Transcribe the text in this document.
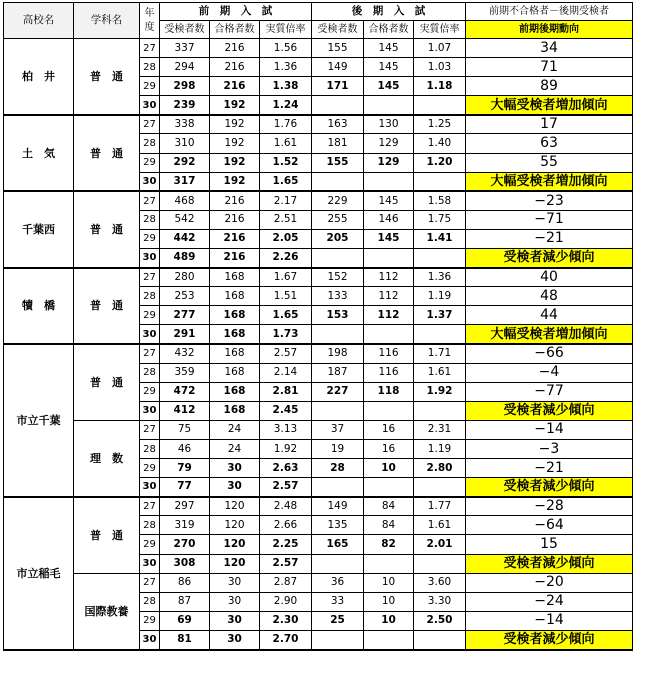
高校名	学科名	年度	前　期　入　試			後　期　入　試			前期不合格者－後期受検者
			受検者数	合格者数	実質倍率	受検者数	合格者数	実質倍率	前期後期動向
柏　井	普　通	27	337	216	1.56	155	145	1.07	34
		28	294	216	1.36	149	145	1.03	71
		29	298	216	1.38	171	145	1.18	89
		30	239	192	1.24				大幅受検者増加傾向
土　気	普　通	27	338	192	1.76	163	130	1.25	17
		28	310	192	1.61	181	129	1.40	63
		29	292	192	1.52	155	129	1.20	55
		30	317	192	1.65				大幅受検者増加傾向
千葉西	普　通	27	468	216	2.17	229	145	1.58	−23
		28	542	216	2.51	255	146	1.75	−71
		29	442	216	2.05	205	145	1.41	−21
		30	489	216	2.26				受検者減少傾向
犢　橋	普　通	27	280	168	1.67	152	112	1.36	40
		28	253	168	1.51	133	112	1.19	48
		29	277	168	1.65	153	112	1.37	44
		30	291	168	1.73				大幅受検者増加傾向
市立千葉	普　通	27	432	168	2.57	198	116	1.71	−66
		28	359	168	2.14	187	116	1.61	−4
		29	472	168	2.81	227	118	1.92	−77
		30	412	168	2.45				受検者減少傾向
	理　数	27	75	24	3.13	37	16	2.31	−14
		28	46	24	1.92	19	16	1.19	−3
		29	79	30	2.63	28	10	2.80	−21
		30	77	30	2.57				受検者減少傾向
市立稲毛	普　通	27	297	120	2.48	149	84	1.77	−28
		28	319	120	2.66	135	84	1.61	−64
		29	270	120	2.25	165	82	2.01	15
		30	308	120	2.57				受検者減少傾向
	国際教養	27	86	30	2.87	36	10	3.60	−20
		28	87	30	2.90	33	10	3.30	−24
		29	69	30	2.30	25	10	2.50	−14
		30	81	30	2.70				受検者減少傾向
